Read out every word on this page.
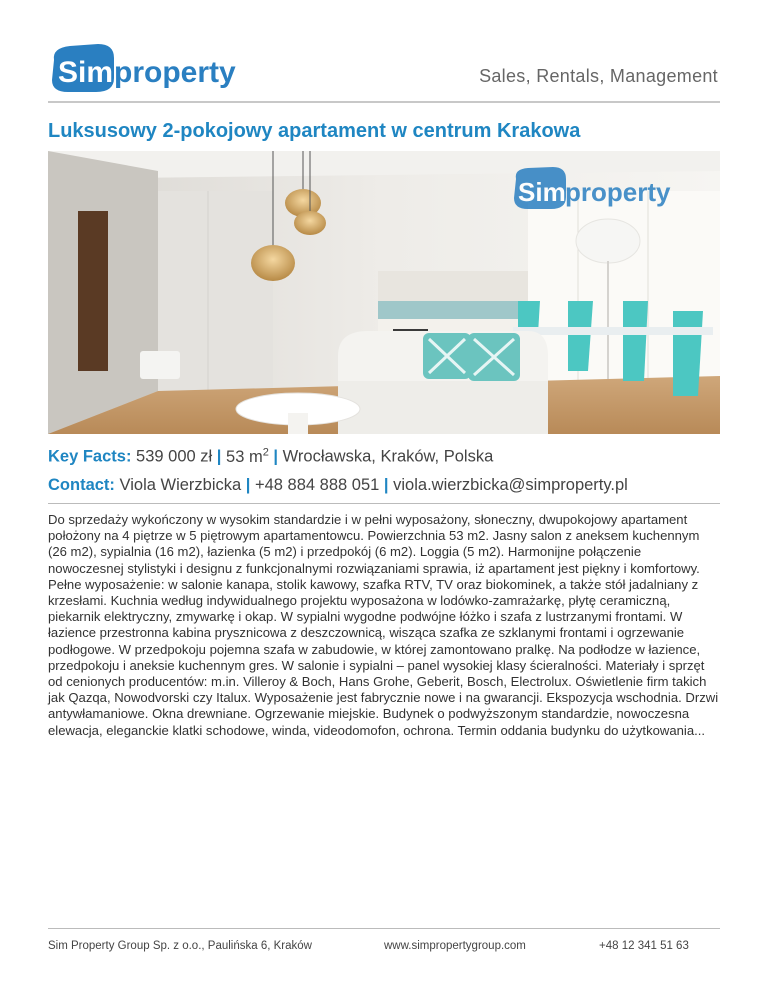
Sim property	Sales, Rentals, Management
Luksusowy 2-pokojowy apartament w centrum Krakowa
Sim property
Key Facts: 539 000 zł | 53 $m^2$ | Wrocławska, Kraków, Polska
Contact: Viola Wierzbicka | +48 884 888 051 | viola.wierzbicka@simproperty.pl
Do sprzedaży wykończony w wysokim standardzie i w pełni wyposażony, słoneczny, dwupokojowy apartament położony na 4 piętrze w 5 piętrowym apartamentowcu. Powierzchnia 53 m2. Jasny salon z aneksem kuchennym (26 m2), sypialnia (16 m2), łazienka (5 m2) i przedpokój (6 m2). Loggia (5 m2). Harmonijne połączenie nowoczesnej stylistyki i designu z funkcjonalnymi rozwiązaniami sprawia, iż apartament jest piękny i komfortowy. Pełne wyposażenie: w salonie kanapa, stolik kawowy, szafka RTV, TV oraz biokominek, a także stół jadalniany z krzesłami. Kuchnia według indywidualnego projektu wyposażona w lodówko-zamrażarkę, płytę ceramiczną, piekarnik elektryczny, zmywarkę i okap. W sypialni wygodne podwójne łóżko i szafa z lustrzanymi frontami. W łazience przestronna kabina prysznicowa z deszczownicą, wisząca szafka ze szklanymi frontami i ogrzewanie podłogowe. W przedpokoju pojemna szafa w zabudowie, w której zamontowano pralkę. Na podłodze w łazience, przedpokoju i aneksie kuchennym gres. W salonie i sypialni – panel wysokiej klasy ścieralności. Materiały i sprzęt od cenionych producentów: m.in. Villeroy & Boch, Hans Grohe, Geberit, Bosch, Electrolux. Oświetlenie firm takich jak Qazqa, Nowodvorski czy Italux. Wyposażenie jest fabrycznie nowe i na gwarancji. Ekspozycja wschodnia. Drzwi antywłamaniowe. Okna drewniane. Ogrzewanie miejskie. Budynek o podwyższonym standardzie, nowoczesna elewacja, eleganckie klatki schodowe, winda, videodomofon, ochrona. Termin oddania budynku do użytkowania...
Sim Property Group Sp. z o.o., Paulińska 6, Kraków	www.simpropertygroup.com	+48 12 341 51 63
